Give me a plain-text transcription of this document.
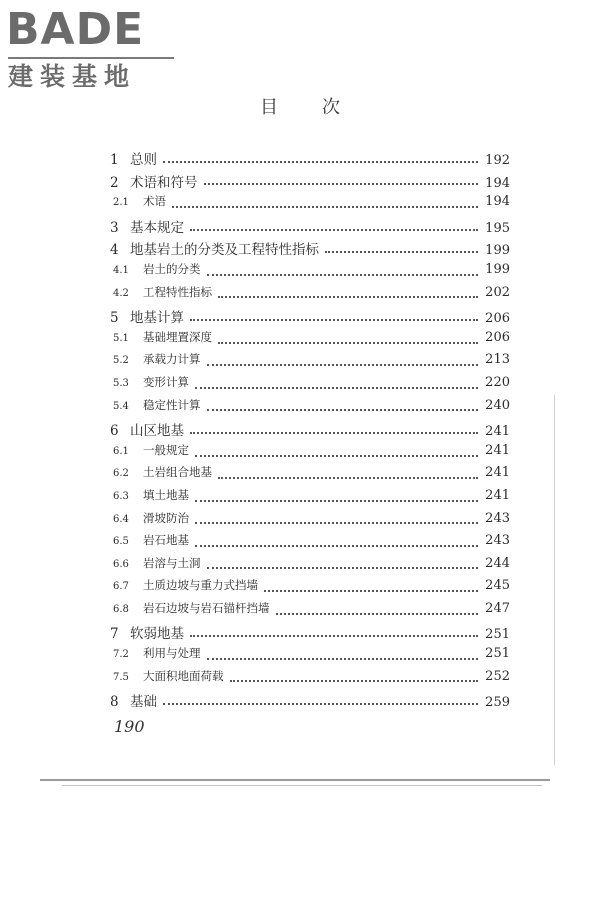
BADE
建装基地
目次
1 总则	192
2 术语和符号	194
2.1	术语	194
3 基本规定	195
4 地基岩土的分类及工程特性指标	199
4.1	岩土的分类	199
4.2	工程特性指标	202
5 地基计算	206
5.1	基础埋置深度	206
5.2	承载力计算	213
5.3	变形计算	220
5.4	稳定性计算	240
6 山区地基	241
6.1	一般规定	241
6.2	土岩组合地基	241
6.3	填土地基	241
6.4	滑坡防治	243
6.5	岩石地基	243
6.6	岩溶与土洞	244
6.7	土质边坡与重力式挡墙	245
6.8	岩石边坡与岩石锚杆挡墙	247
7 软弱地基	251
7.2	利用与处理	251
7.5	大面积地面荷载	252
8 基础	259
190
